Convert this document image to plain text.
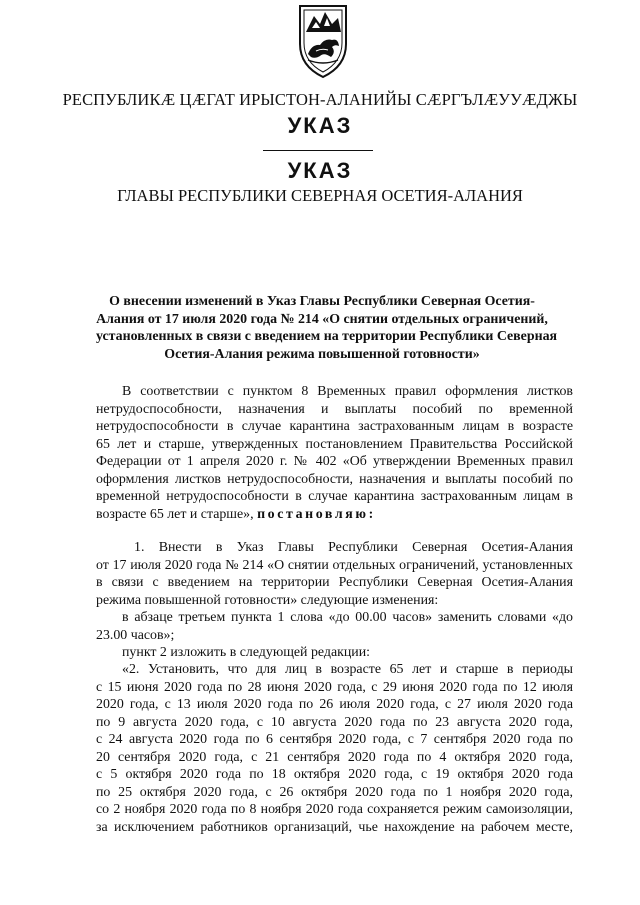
РЕСПУБЛИКӔ ЦӔГАТ ИРЫСТОН-АЛАНИЙЫ СӔРГЪЛӔУУӔДЖЫ
УКАЗ
УКАЗ
ГЛАВЫ РЕСПУБЛИКИ СЕВЕРНАЯ ОСЕТИЯ-АЛАНИЯ
О внесении изменений в Указ Главы Республики Северная Осетия-
Алания от 17 июля 2020 года № 214 «О снятии отдельных ограничений,
установленных в связи с введением на территории Республики Северная
Осетия-Алания режима повышенной готовности»
В соответствии с пунктом 8 Временных правил оформления листков
нетрудоспособности, назначения и выплаты пособий по временной
нетрудоспособности в случае карантина застрахованным лицам в возрасте
65 лет и старше, утвержденных постановлением Правительства Российской
Федерации от 1 апреля 2020 г. № 402 «Об утверждении Временных правил
оформления листков нетрудоспособности, назначения и выплаты пособий по
временной нетрудоспособности в случае карантина застрахованным лицам в
возрасте 65 лет и старше», постановляю:
1. Внести в Указ Главы Республики Северная Осетия-Алания
от 17 июля 2020 года № 214 «О снятии отдельных ограничений, установленных
в связи с введением на территории Республики Северная Осетия-Алания
режима повышенной готовности» следующие изменения:
в абзаце третьем пункта 1 слова «до 00.00 часов» заменить словами «до
23.00 часов»;
пункт 2 изложить в следующей редакции:
«2. Установить, что для лиц в возрасте 65 лет и старше в периоды
с 15 июня 2020 года по 28 июня 2020 года, с 29 июня 2020 года по 12 июля
2020 года, с 13 июля 2020 года по 26 июля 2020 года, с 27 июля 2020 года
по 9 августа 2020 года, с 10 августа 2020 года по 23 августа 2020 года,
с 24 августа 2020 года по 6 сентября 2020 года, с 7 сентября 2020 года по
20 сентября 2020 года, с 21 сентября 2020 года по 4 октября 2020 года,
с 5 октября 2020 года по 18 октября 2020 года, с 19 октября 2020 года
по 25 октября 2020 года, с 26 октября 2020 года по 1 ноября 2020 года,
со 2 ноября 2020 года по 8 ноября 2020 года сохраняется режим самоизоляции,
за исключением работников организаций, чье нахождение на рабочем месте,
